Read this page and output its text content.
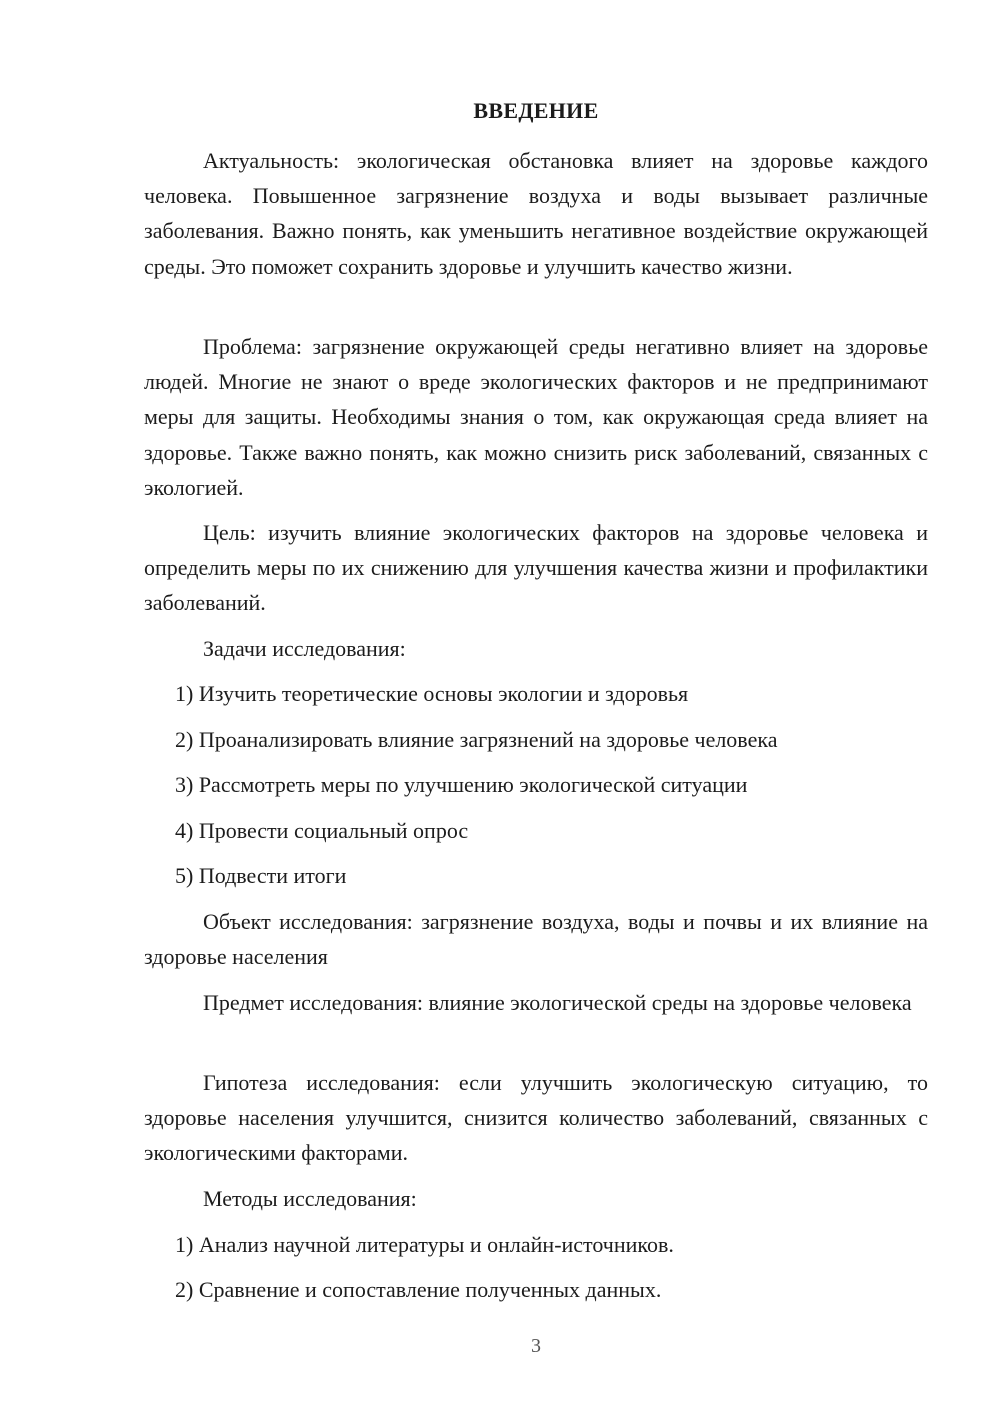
ВВЕДЕНИЕ

Актуальность: экологическая обстановка влияет на здоровье каждого человека. Повышенное загрязнение воздуха и воды вызывает различные заболевания. Важно понять, как уменьшить негативное воздействие окружающей среды. Это поможет сохранить здоровье и улучшить качество жизни.

Проблема: загрязнение окружающей среды негативно влияет на здоровье людей. Многие не знают о вреде экологических факторов и не предпринимают меры для защиты. Необходимы знания о том, как окружающая среда влияет на здоровье. Также важно понять, как можно снизить риск заболеваний, связанных с экологией.

Цель: изучить влияние экологических факторов на здоровье человека и определить меры по их снижению для улучшения качества жизни и профилактики заболеваний.

Задачи исследования:

1) Изучить теоретические основы экологии и здоровья

2) Проанализировать влияние загрязнений на здоровье человека

3) Рассмотреть меры по улучшению экологической ситуации

4) Провести социальный опрос

5) Подвести итоги

Объект исследования: загрязнение воздуха, воды и почвы и их влияние на здоровье населения

Предмет исследования: влияние экологической среды на здоровье человека

Гипотеза исследования: если улучшить экологическую ситуацию, то здоровье населения улучшится, снизится количество заболеваний, связанных с экологическими факторами.

Методы исследования:

1) Анализ научной литературы и онлайн-источников.

2) Сравнение и сопоставление полученных данных.

3
